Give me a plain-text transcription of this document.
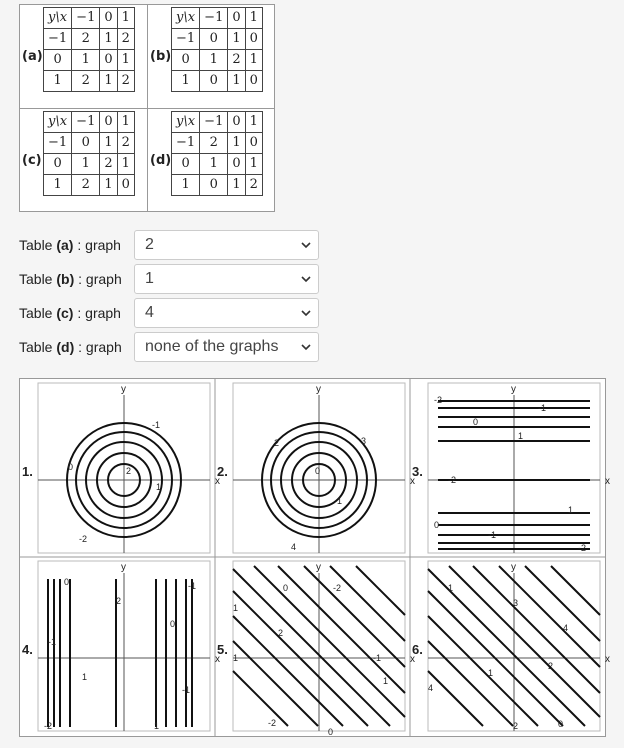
(a)
y\x	−1	0	1
−1	2	1	2
0	1	0	1
1	2	1	2
(b)
y\x	−1	0	1
−1	0	1	0
0	1	2	1
1	0	1	0
(c)
y\x	−1	0	1
−1	0	1	2
0	1	2	1
1	2	1	0
(d)
y\x	−1	0	1
−1	2	1	0
0	1	0	1
1	0	1	2
Table (a) : graph	2
Table (b) : graph	1
Table (c) : graph	4
Table (d) : graph	none of the graphs
x
y
1.
-1
0	2
1
-2
x
y
2.
2	3
0
1
4
x
y
3.
-2
-1
0
1
-2
0
1
-1
-2
x
y
4.
0
-1
2
1
0
-1
-2	1
-1
x
y
5.
0	-2
1
2
1
-1
1
-2
0
x
y
6.
1
3
4
1
2
4
2	0
